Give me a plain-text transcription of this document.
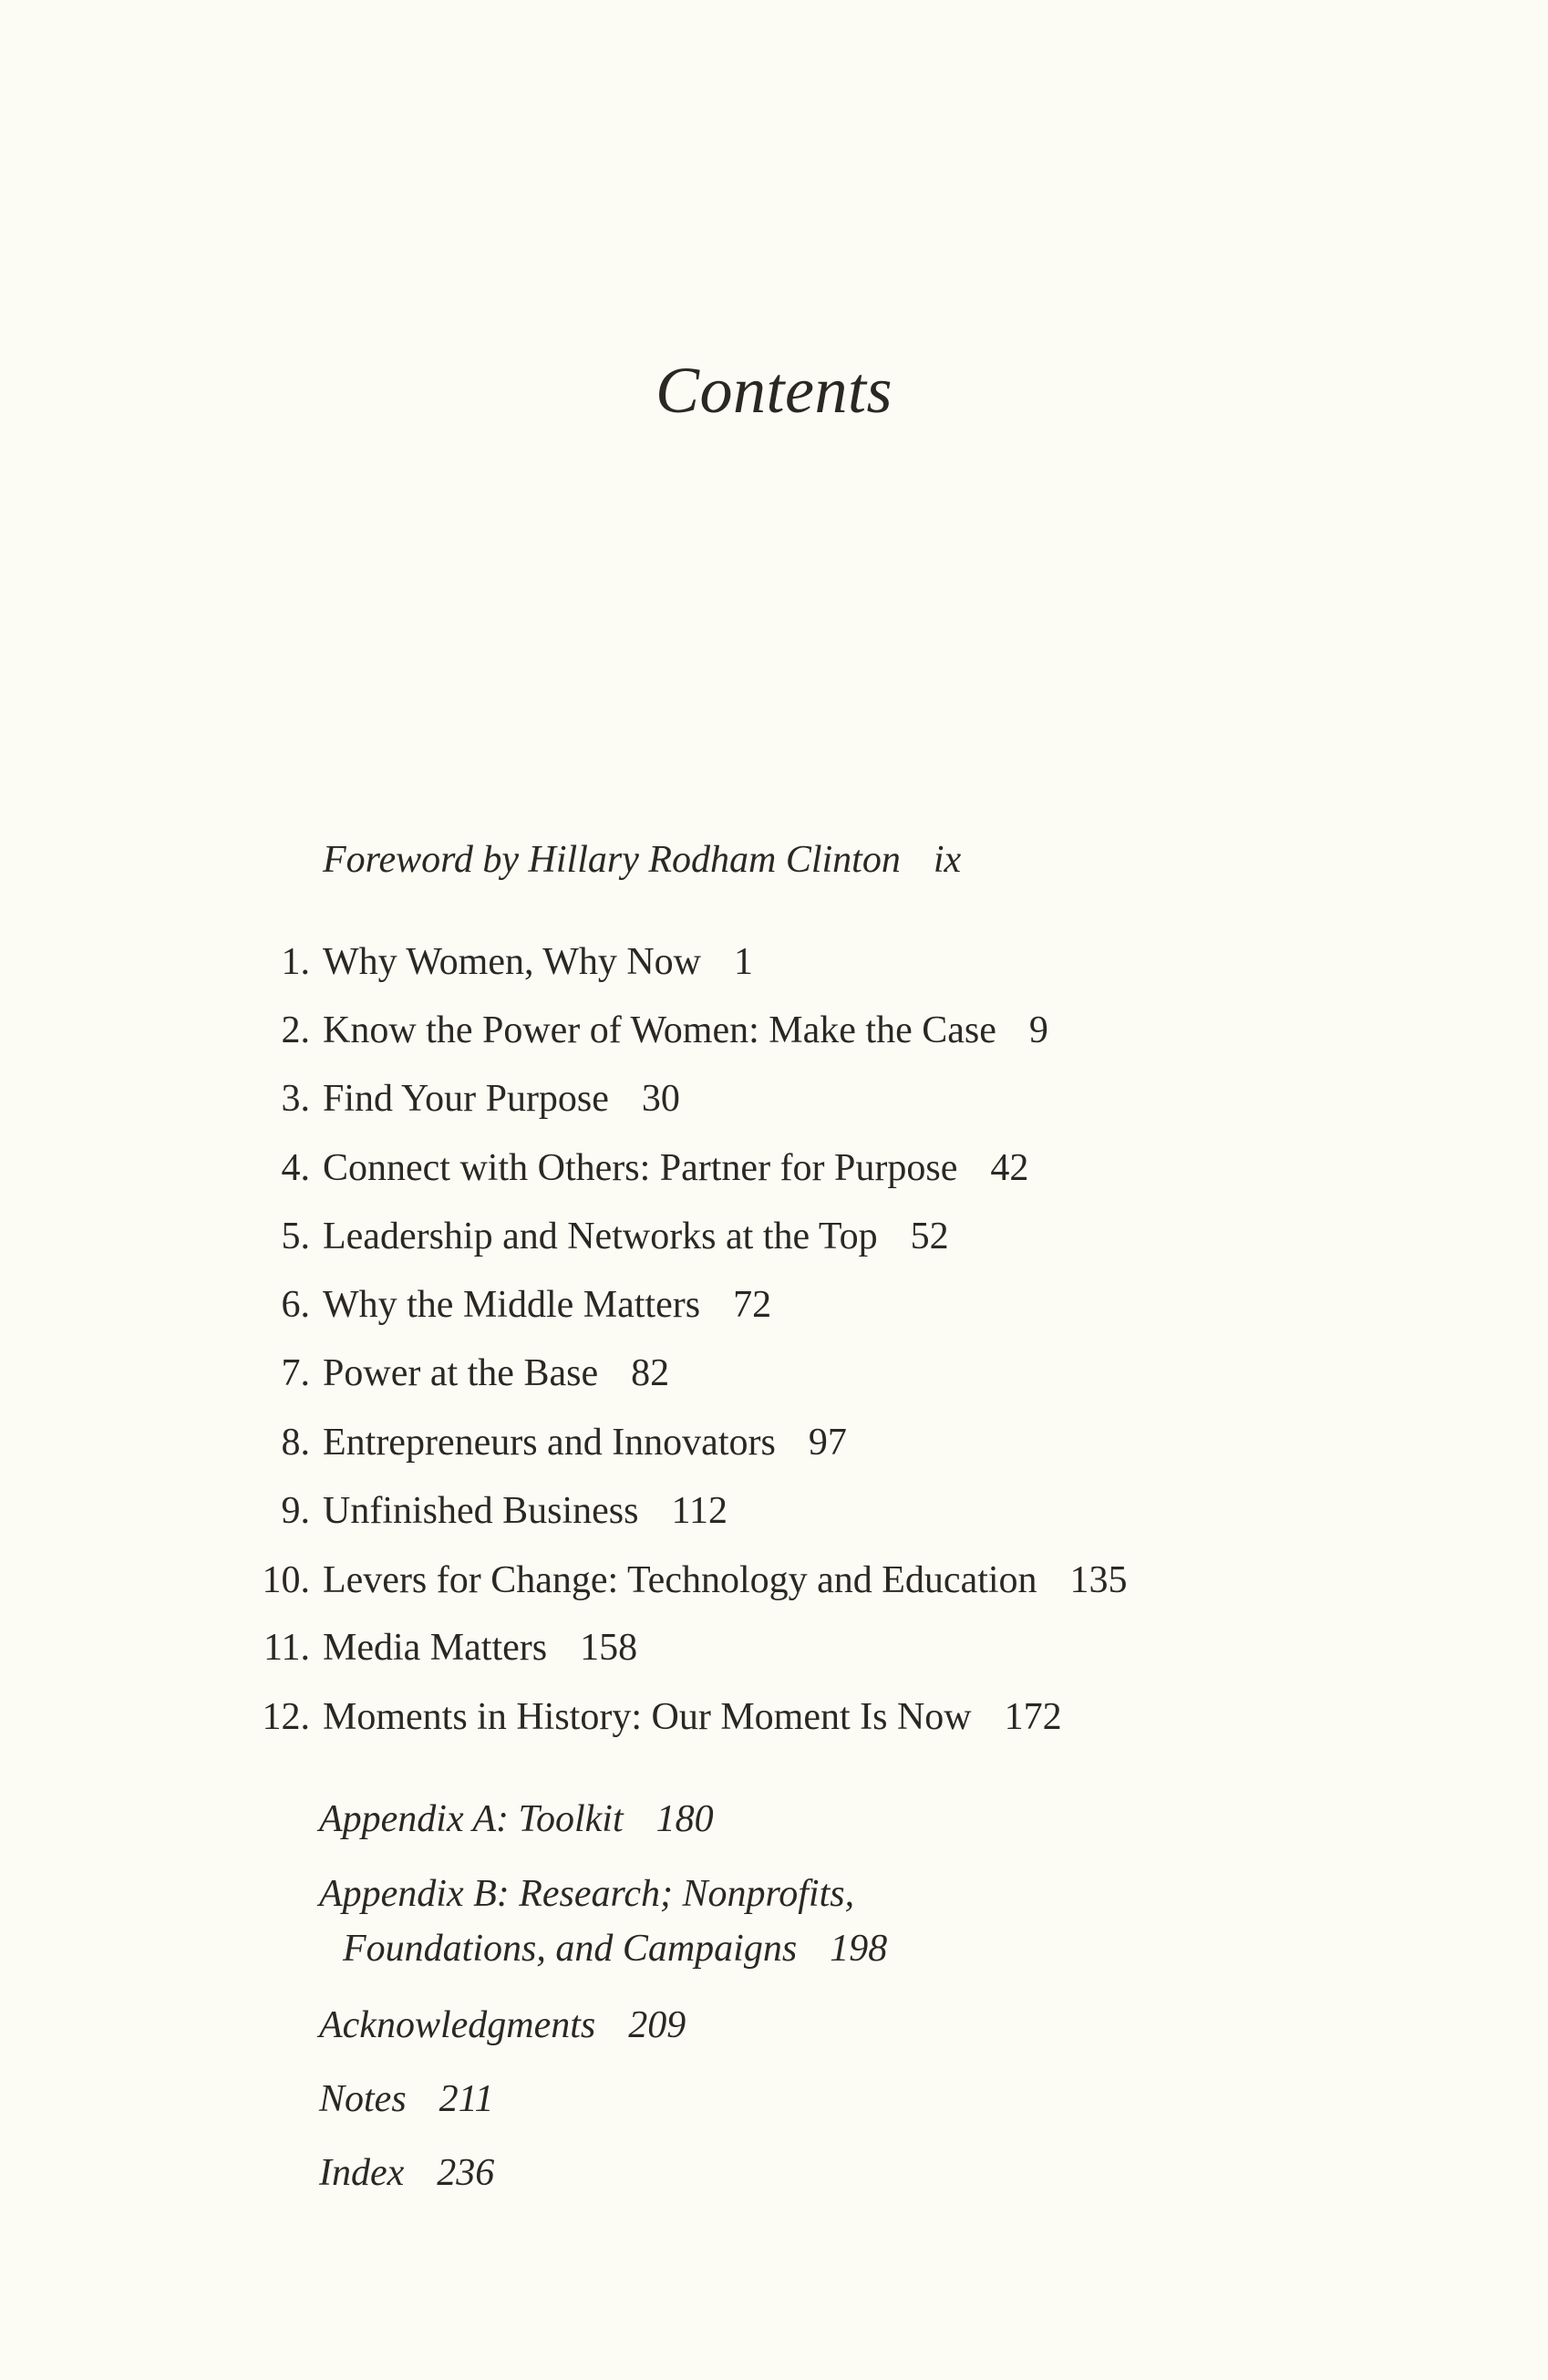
Contents
Foreword by Hillary Rodham Clinton ix
1. Why Women, Why Now 1
2. Know the Power of Women: Make the Case 9
3. Find Your Purpose 30
4. Connect with Others: Partner for Purpose 42
5. Leadership and Networks at the Top 52
6. Why the Middle Matters 72
7. Power at the Base 82
8. Entrepreneurs and Innovators 97
9. Unfinished Business 112
10. Levers for Change: Technology and Education 135
11. Media Matters 158
12. Moments in History: Our Moment Is Now 172
Appendix A: Toolkit 180
Appendix B: Research; Nonprofits,
Foundations, and Campaigns 198
Acknowledgments 209
Notes 211
Index 236
